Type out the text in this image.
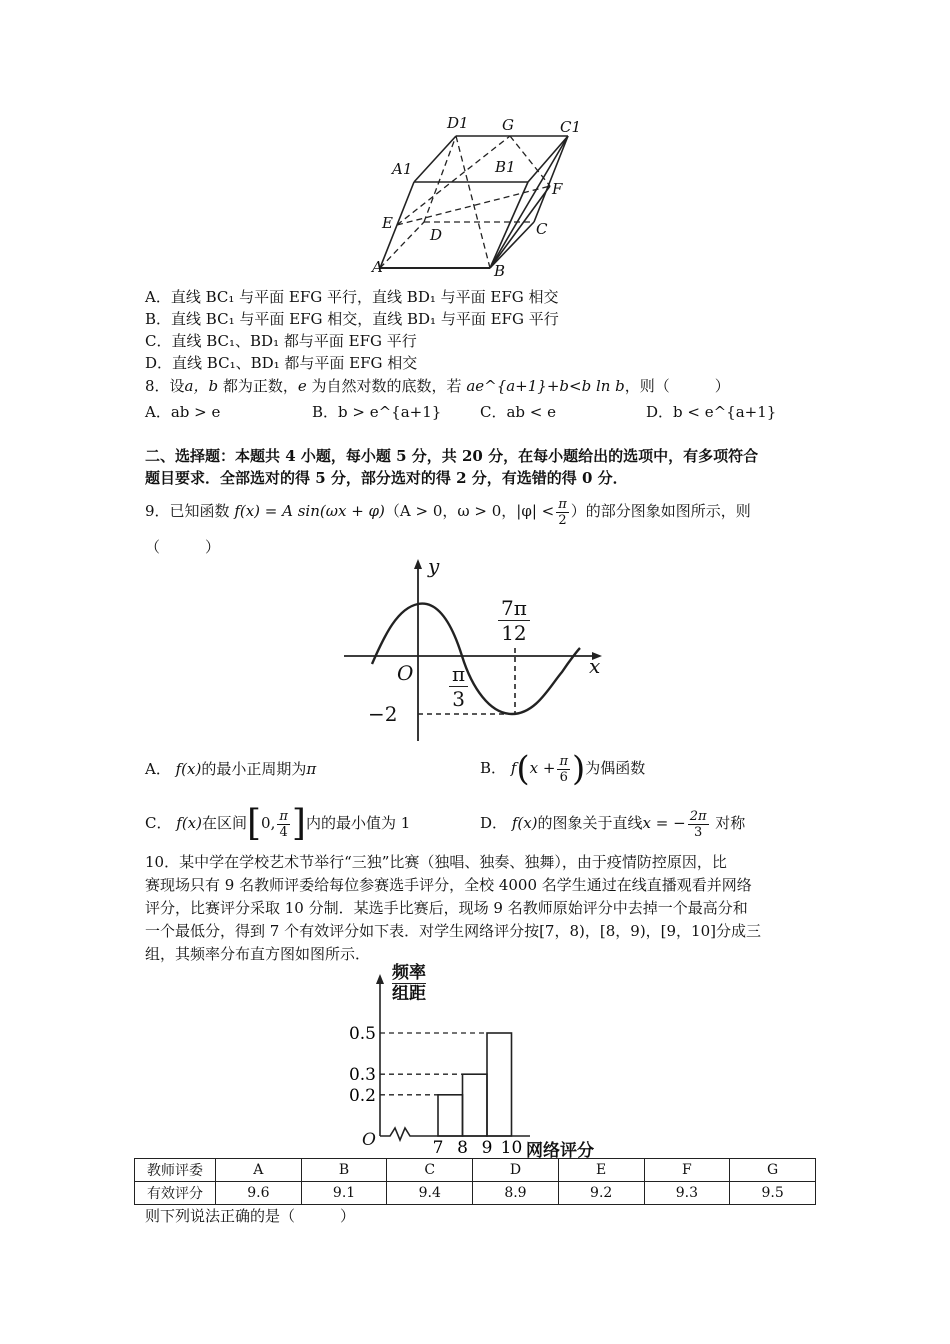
D1 G	C1
A1	B1
F
E
D	C
A	B
A．直线 BC₁ 与平面 EFG 平行，直线 BD₁ 与平面 EFG 相交
B．直线 BC₁ 与平面 EFG 相交，直线 BD₁ 与平面 EFG 平行
C．直线 BC₁、BD₁ 都与平面 EFG 平行
D．直线 BC₁、BD₁ 都与平面 EFG 相交
8．设a，b 都为正数，e 为自然对数的底数，若 ae^{a+1}+b<b ln b，则（　　　）
A．ab > e	B．b > e^{a+1}	C．ab < e	D．b < e^{a+1}
二、选择题：本题共 4 小题，每小题 5 分，共 20 分，在每小题给出的选项中，有多项符合
题目要求．全部选对的得 5 分，部分选对的得 2 分，有选错的得 0 分．
9．已知函数 f(x) = A sin(ωx + φ)（A > 0，ω > 0，$|\varphi| < \frac{\pi}{2}$ ）的部分图象如图所示，则
（　　　）
y
x
O
7π
12
π
3
−2
A． f(x)的最小正周期为π	B． $f(x + \frac{\pi}{6}$ )为偶函数
C． f(x)在区间[0, $\frac{\pi}{4}$ ]内的最小值为 1	D． f(x)的图象关于直线x = − $\frac{2\pi}{3}$ 对称
10．某中学在学校艺术节举行“三独”比赛（独唱、独奏、独舞），由于疫情防控原因，比
赛现场只有 9 名教师评委给每位参赛选手评分，全校 4000 名学生通过在线直播观看并网络
评分，比赛评分采取 10 分制．某选手比赛后，现场 9 名教师原始评分中去掉一个最高分和
一个最低分，得到 7 个有效评分如下表．对学生网络评分按[7，8)，[8，9)，[9，10]分成三
组，其频率分布直方图如图所示．
0.2
0.3
0.5
7 8 9 10
频率
组距
O
网络评分
教师评委	A	B	C	D	E	F	G
有效评分	9.6	9.1	9.4	8.9	9.2	9.3	9.5
则下列说法正确的是（　　　）
